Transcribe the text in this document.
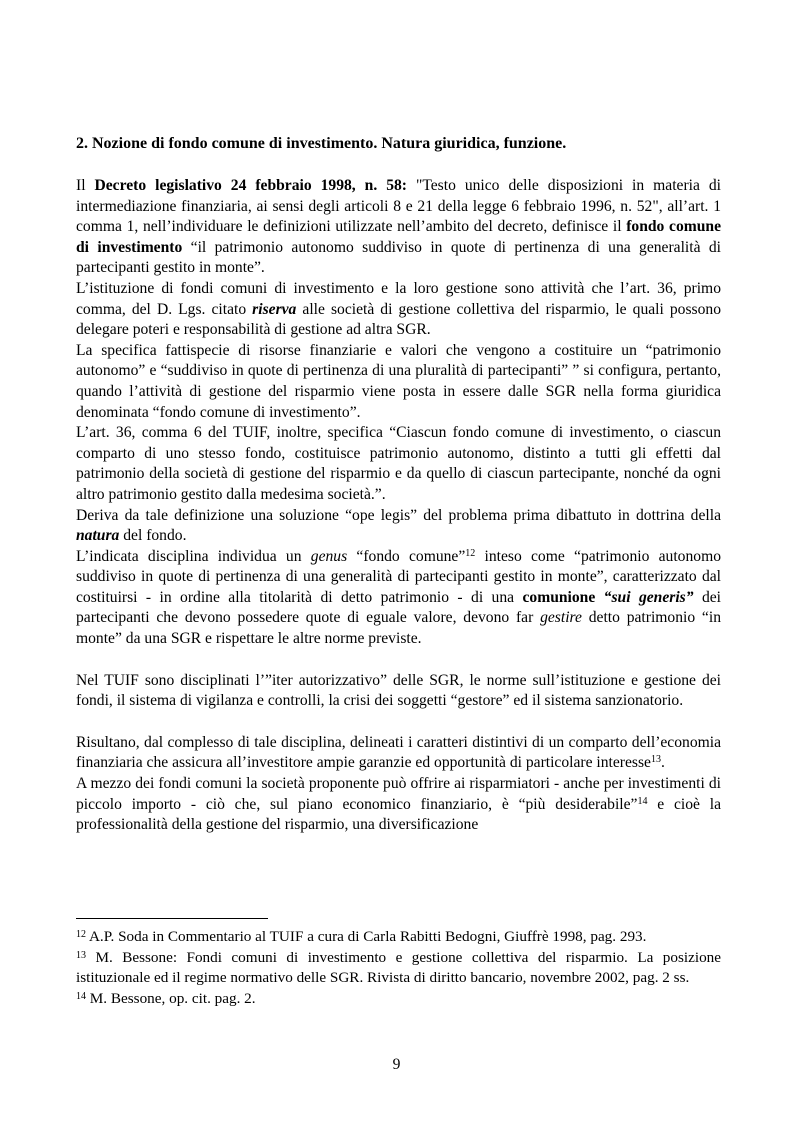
2. Nozione di fondo comune di investimento. Natura giuridica, funzione.

Il Decreto legislativo 24 febbraio 1998, n. 58: "Testo unico delle disposizioni in materia di intermediazione finanziaria, ai sensi degli articoli 8 e 21 della legge 6 febbraio 1996, n. 52", all’art. 1 comma 1, nell’individuare le definizioni utilizzate nell’ambito del decreto, definisce il fondo comune di investimento “il patrimonio autonomo suddiviso in quote di pertinenza di una generalità di partecipanti gestito in monte”.

L’istituzione di fondi comuni di investimento e la loro gestione sono attività che l’art. 36, primo comma, del D. Lgs. citato riserva alle società di gestione collettiva del risparmio, le quali possono delegare poteri e responsabilità di gestione ad altra SGR.

La specifica fattispecie di risorse finanziarie e valori che vengono a costituire un “patrimonio autonomo” e “suddiviso in quote di pertinenza di una pluralità di partecipanti” ” si configura, pertanto, quando l’attività di gestione del risparmio viene posta in essere dalle SGR nella forma giuridica denominata “fondo comune di investimento”.

L’art. 36, comma 6 del TUIF, inoltre, specifica “Ciascun fondo comune di investimento, o ciascun comparto di uno stesso fondo, costituisce patrimonio autonomo, distinto a tutti gli effetti dal patrimonio della società di gestione del risparmio e da quello di ciascun partecipante, nonché da ogni altro patrimonio gestito dalla medesima società.”.

Deriva da tale definizione una soluzione “ope legis” del problema prima dibattuto in dottrina della natura del fondo.

L’indicata disciplina individua un genus “fondo comune”$^{12}$ inteso come “patrimonio autonomo suddiviso in quote di pertinenza di una generalità di partecipanti gestito in monte”, caratterizzato dal costituirsi - in ordine alla titolarità di detto patrimonio - di una comunione “sui generis” dei partecipanti che devono possedere quote di eguale valore, devono far gestire detto patrimonio “in monte” da una SGR e rispettare le altre norme previste.

Nel TUIF sono disciplinati l’”iter autorizzativo” delle SGR, le norme sull’istituzione e gestione dei fondi, il sistema di vigilanza e controlli, la crisi dei soggetti “gestore” ed il sistema sanzionatorio.

Risultano, dal complesso di tale disciplina, delineati i caratteri distintivi di un comparto dell’economia finanziaria che assicura all’investitore ampie garanzie ed opportunità di particolare interesse$^{13}$.

A mezzo dei fondi comuni la società proponente può offrire ai risparmiatori - anche per investimenti di piccolo importo - ciò che, sul piano economico finanziario, è “più desiderabile”$^{14}$ e cioè la professionalità della gestione del risparmio, una diversificazione

$^{12}$ A.P. Soda in Commentario al TUIF a cura di Carla Rabitti Bedogni, Giuffrè 1998, pag. 293.

$^{13}$ M. Bessone: Fondi comuni di investimento e gestione collettiva del risparmio. La posizione istituzionale ed il regime normativo delle SGR. Rivista di diritto bancario, novembre 2002, pag. 2 ss.

$^{14}$ M. Bessone, op. cit. pag. 2.

9
